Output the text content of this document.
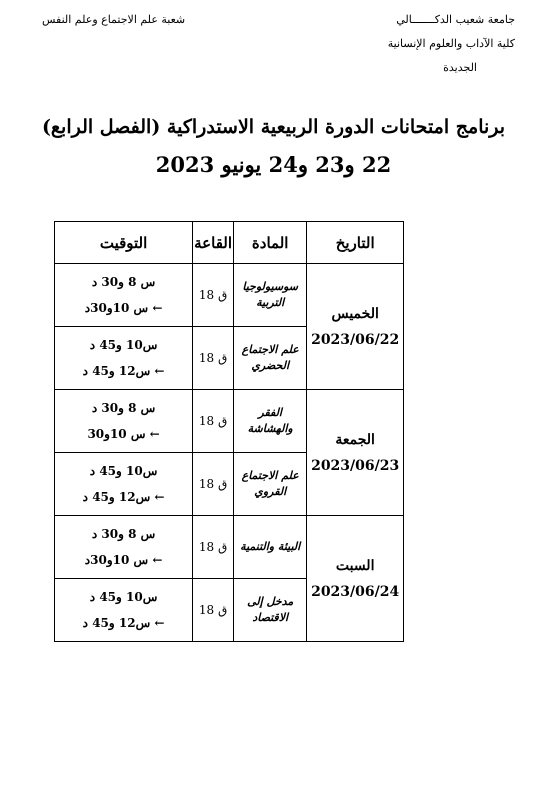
جامعة شعيب الدكـــــــالي
كلية الآداب والعلوم الإنسانية
الجديدة
شعبة علم الاجتماع وعلم النفس
برنامج امتحانات الدورة الربيعية الاستدراكية (الفصل الرابع)
22 و23 و24 يونيو 2023
التاريخ	المادة	القاعة	التوقيت

الخميس
2023/06/22	سوسيولوجيا التربية	ق 18	س 8 و30 د
← س 10و30د

	علم الاجتماع الحضري	ق 18	س10 و45 د
← س12 و45 د

الجمعة
2023/06/23	الفقر والهشاشة	ق 18	س 8 و30 د
← س 10و30

	علم الاجتماع القروي	ق 18	س10 و45 د
← س12 و45 د

السبت
2023/06/24	البيئة والتنمية	ق 18	س 8 و30 د
← س 10و30د

	مدخل إلى الاقتصاد	ق 18	س10 و45 د
← س12 و45 د
